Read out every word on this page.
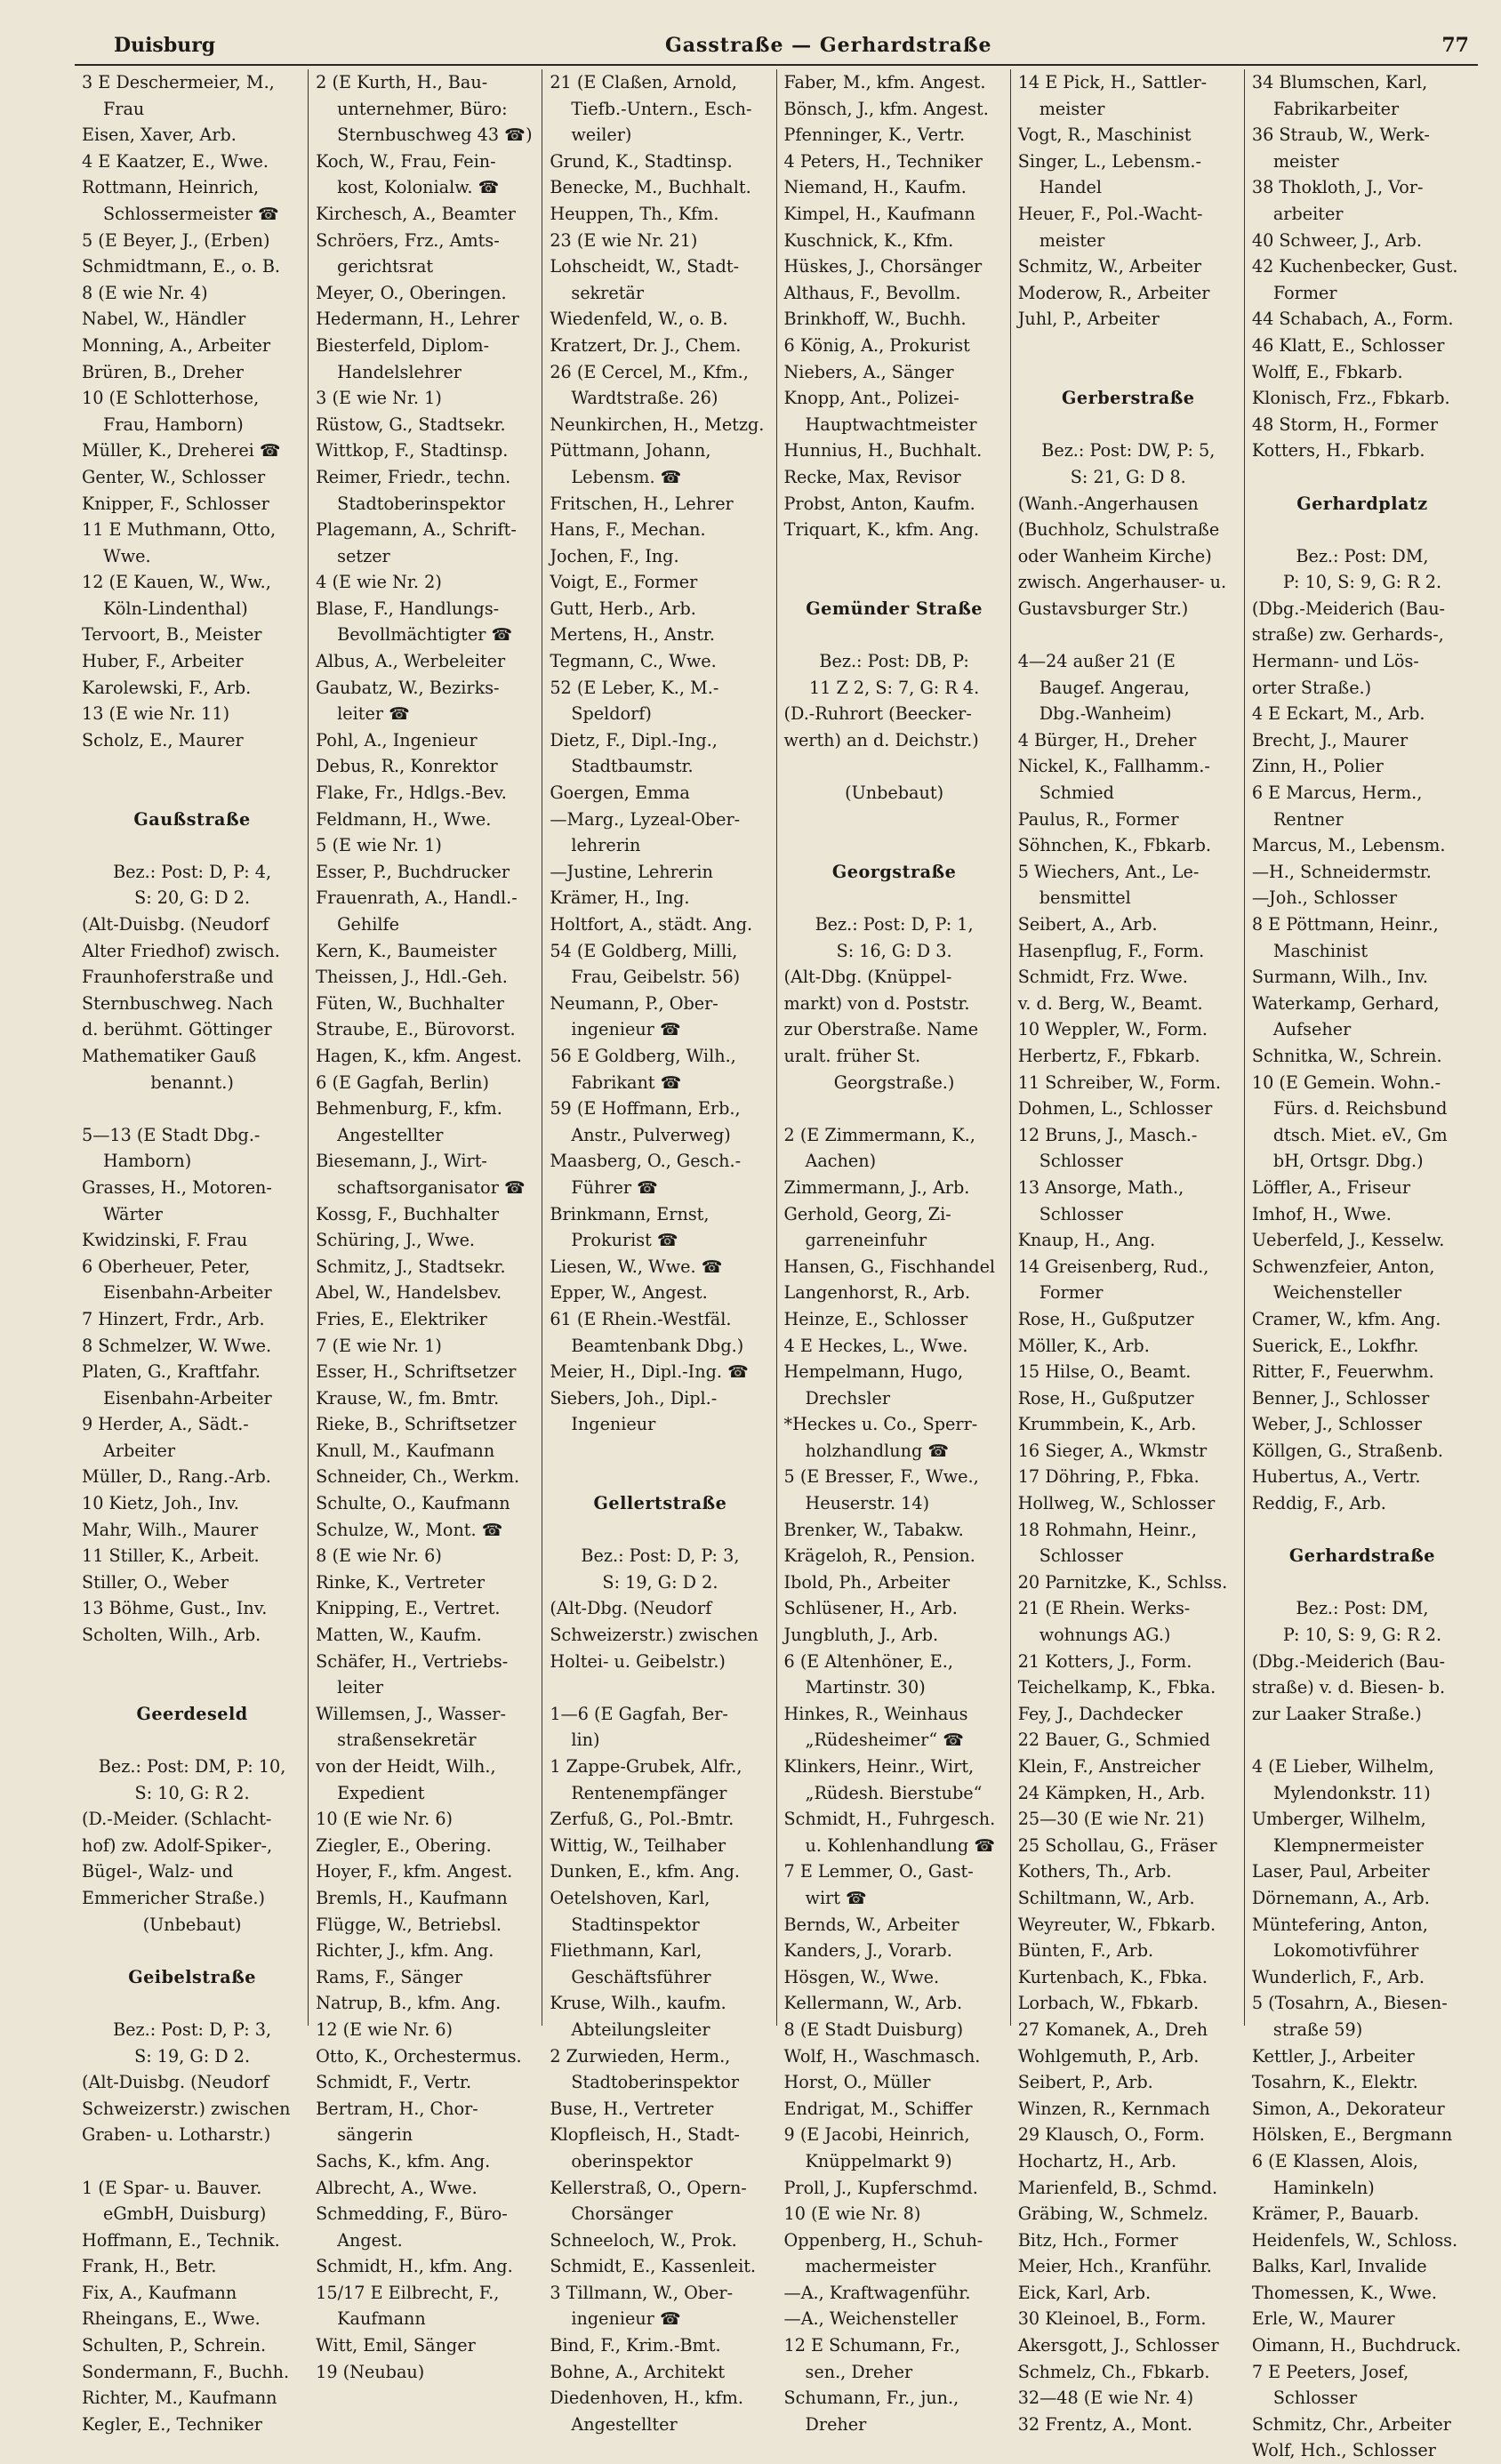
Duisburg	Gasstraße — Gerhardstraße	77
3 E Deschermeier, M.,
Frau
Eisen, Xaver, Arb.
4 E Kaatzer, E., Wwe.
Rottmann, Heinrich,
Schlossermeister ☎
5 (E Beyer, J., (Erben)
Schmidtmann, E., o. B.
8 (E wie Nr. 4)
Nabel, W., Händler
Monning, A., Arbeiter
Brüren, B., Dreher
10 (E Schlotterhose,
Frau, Hamborn)
Müller, K., Dreherei ☎
Genter, W., Schlosser
Knipper, F., Schlosser
11 E Muthmann, Otto,
Wwe.
12 (E Kauen, W., Ww.,
Köln-Lindenthal)
Tervoort, B., Meister
Huber, F., Arbeiter
Karolewski, F., Arb.
13 (E wie Nr. 11)
Scholz, E., Maurer
Gaußstraße
Bez.: Post: D, P: 4,
S: 20, G: D 2.
(Alt-Duisbg. (Neudorf
Alter Friedhof) zwisch.
Fraunhoferstraße und
Sternbuschweg. Nach
d. berühmt. Göttinger
Mathematiker Gauß
benannt.)
5—13 (E Stadt Dbg.-
Hamborn)
Grasses, H., Motoren-
Wärter
Kwidzinski, F. Frau
6 Oberheuer, Peter,
Eisenbahn-Arbeiter
7 Hinzert, Frdr., Arb.
8 Schmelzer, W. Wwe.
Platen, G., Kraftfahr.
Eisenbahn-Arbeiter
9 Herder, A., Sädt.-
Arbeiter
Müller, D., Rang.-Arb.
10 Kietz, Joh., Inv.
Mahr, Wilh., Maurer
11 Stiller, K., Arbeit.
Stiller, O., Weber
13 Böhme, Gust., Inv.
Scholten, Wilh., Arb.
Geerdeseld
Bez.: Post: DM, P: 10,
S: 10, G: R 2.
(D.-Meider. (Schlacht-
hof) zw. Adolf-Spiker-,
Bügel-, Walz- und
Emmericher Straße.)
(Unbebaut)
Geibelstraße
Bez.: Post: D, P: 3,
S: 19, G: D 2.
(Alt-Duisbg. (Neudorf
Schweizerstr.) zwischen
Graben- u. Lotharstr.)
1 (E Spar- u. Bauver.
eGmbH, Duisburg)
Hoffmann, E., Technik.
Frank, H., Betr.
Fix, A., Kaufmann
Rheingans, E., Wwe.
Schulten, P., Schrein.
Sondermann, F., Buchh.
Richter, M., Kaufmann
Kegler, E., Techniker
2 (E Kurth, H., Bau-
unternehmer, Büro:
Sternbuschweg 43 ☎)
Koch, W., Frau, Fein-
kost, Kolonialw. ☎
Kirchesch, A., Beamter
Schröers, Frz., Amts-
gerichtsrat
Meyer, O., Oberingen.
Hedermann, H., Lehrer
Biesterfeld, Diplom-
Handelslehrer
3 (E wie Nr. 1)
Rüstow, G., Stadtsekr.
Wittkop, F., Stadtinsp.
Reimer, Friedr., techn.
Stadtoberinspektor
Plagemann, A., Schrift-
setzer
4 (E wie Nr. 2)
Blase, F., Handlungs-
Bevollmächtigter ☎
Albus, A., Werbeleiter
Gaubatz, W., Bezirks-
leiter ☎
Pohl, A., Ingenieur
Debus, R., Konrektor
Flake, Fr., Hdlgs.-Bev.
Feldmann, H., Wwe.
5 (E wie Nr. 1)
Esser, P., Buchdrucker
Frauenrath, A., Handl.-
Gehilfe
Kern, K., Baumeister
Theissen, J., Hdl.-Geh.
Füten, W., Buchhalter
Straube, E., Bürovorst.
Hagen, K., kfm. Angest.
6 (E Gagfah, Berlin)
Behmenburg, F., kfm.
Angestellter
Biesemann, J., Wirt-
schaftsorganisator ☎
Kossg, F., Buchhalter
Schüring, J., Wwe.
Schmitz, J., Stadtsekr.
Abel, W., Handelsbev.
Fries, E., Elektriker
7 (E wie Nr. 1)
Esser, H., Schriftsetzer
Krause, W., fm. Bmtr.
Rieke, B., Schriftsetzer
Knull, M., Kaufmann
Schneider, Ch., Werkm.
Schulte, O., Kaufmann
Schulze, W., Mont. ☎
8 (E wie Nr. 6)
Rinke, K., Vertreter
Knipping, E., Vertret.
Matten, W., Kaufm.
Schäfer, H., Vertriebs-
leiter
Willemsen, J., Wasser-
straßensekretär
von der Heidt, Wilh.,
Expedient
10 (E wie Nr. 6)
Ziegler, E., Obering.
Hoyer, F., kfm. Angest.
Bremls, H., Kaufmann
Flügge, W., Betriebsl.
Richter, J., kfm. Ang.
Rams, F., Sänger
Natrup, B., kfm. Ang.
12 (E wie Nr. 6)
Otto, K., Orchestermus.
Schmidt, F., Vertr.
Bertram, H., Chor-
sängerin
Sachs, K., kfm. Ang.
Albrecht, A., Wwe.
Schmedding, F., Büro-
Angest.
Schmidt, H., kfm. Ang.
15/17 E Eilbrecht, F.,
Kaufmann
Witt, Emil, Sänger
19 (Neubau)
21 (E Claßen, Arnold,
Tiefb.-Untern., Esch-
weiler)
Grund, K., Stadtinsp.
Benecke, M., Buchhalt.
Heuppen, Th., Kfm.
23 (E wie Nr. 21)
Lohscheidt, W., Stadt-
sekretär
Wiedenfeld, W., o. B.
Kratzert, Dr. J., Chem.
26 (E Cercel, M., Kfm.,
Wardtstraße. 26)
Neunkirchen, H., Metzg.
Püttmann, Johann,
Lebensm. ☎
Fritschen, H., Lehrer
Hans, F., Mechan.
Jochen, F., Ing.
Voigt, E., Former
Gutt, Herb., Arb.
Mertens, H., Anstr.
Tegmann, C., Wwe.
52 (E Leber, K., M.-
Speldorf)
Dietz, F., Dipl.-Ing.,
Stadtbaumstr.
Goergen, Emma
—Marg., Lyzeal-Ober-
lehrerin
—Justine, Lehrerin
Krämer, H., Ing.
Holtfort, A., städt. Ang.
54 (E Goldberg, Milli,
Frau, Geibelstr. 56)
Neumann, P., Ober-
ingenieur ☎
56 E Goldberg, Wilh.,
Fabrikant ☎
59 (E Hoffmann, Erb.,
Anstr., Pulverweg)
Maasberg, O., Gesch.-
Führer ☎
Brinkmann, Ernst,
Prokurist ☎
Liesen, W., Wwe. ☎
Epper, W., Angest.
61 (E Rhein.-Westfäl.
Beamtenbank Dbg.)
Meier, H., Dipl.-Ing. ☎
Siebers, Joh., Dipl.-
Ingenieur
Gellertstraße
Bez.: Post: D, P: 3,
S: 19, G: D 2.
(Alt-Dbg. (Neudorf
Schweizerstr.) zwischen
Holtei- u. Geibelstr.)
1—6 (E Gagfah, Ber-
lin)
1 Zappe-Grubek, Alfr.,
Rentenempfänger
Zerfuß, G., Pol.-Bmtr.
Wittig, W., Teilhaber
Dunken, E., kfm. Ang.
Oetelshoven, Karl,
Stadtinspektor
Fliethmann, Karl,
Geschäftsführer
Kruse, Wilh., kaufm.
Abteilungsleiter
2 Zurwieden, Herm.,
Stadtoberinspektor
Buse, H., Vertreter
Klopfleisch, H., Stadt-
oberinspektor
Kellerstraß, O., Opern-
Chorsänger
Schneeloch, W., Prok.
Schmidt, E., Kassenleit.
3 Tillmann, W., Ober-
ingenieur ☎
Bind, F., Krim.-Bmt.
Bohne, A., Architekt
Diedenhoven, H., kfm.
Angestellter
Faber, M., kfm. Angest.
Bönsch, J., kfm. Angest.
Pfenninger, K., Vertr.
4 Peters, H., Techniker
Niemand, H., Kaufm.
Kimpel, H., Kaufmann
Kuschnick, K., Kfm.
Hüskes, J., Chorsänger
Althaus, F., Bevollm.
Brinkhoff, W., Buchh.
6 König, A., Prokurist
Niebers, A., Sänger
Knopp, Ant., Polizei-
Hauptwachtmeister
Hunnius, H., Buchhalt.
Recke, Max, Revisor
Probst, Anton, Kaufm.
Triquart, K., kfm. Ang.
Gemünder Straße
Bez.: Post: DB, P:
11 Z 2, S: 7, G: R 4.
(D.-Ruhrort (Beecker-
werth) an d. Deichstr.)
(Unbebaut)
Georgstraße
Bez.: Post: D, P: 1,
S: 16, G: D 3.
(Alt-Dbg. (Knüppel-
markt) von d. Poststr.
zur Oberstraße. Name
uralt. früher St.
Georgstraße.)
2 (E Zimmermann, K.,
Aachen)
Zimmermann, J., Arb.
Gerhold, Georg, Zi-
garreneinfuhr
Hansen, G., Fischhandel
Langenhorst, R., Arb.
Heinze, E., Schlosser
4 E Heckes, L., Wwe.
Hempelmann, Hugo,
Drechsler
*Heckes u. Co., Sperr-
holzhandlung ☎
5 (E Bresser, F., Wwe.,
Heuserstr. 14)
Brenker, W., Tabakw.
Krägeloh, R., Pension.
Ibold, Ph., Arbeiter
Schlüsener, H., Arb.
Jungbluth, J., Arb.
6 (E Altenhöner, E.,
Martinstr. 30)
Hinkes, R., Weinhaus
„Rüdesheimer“ ☎
Klinkers, Heinr., Wirt,
„Rüdesh. Bierstube“
Schmidt, H., Fuhrgesch.
u. Kohlenhandlung ☎
7 E Lemmer, O., Gast-
wirt ☎
Bernds, W., Arbeiter
Kanders, J., Vorarb.
Hösgen, W., Wwe.
Kellermann, W., Arb.
8 (E Stadt Duisburg)
Wolf, H., Waschmasch.
Horst, O., Müller
Endrigat, M., Schiffer
9 (E Jacobi, Heinrich,
Knüppelmarkt 9)
Proll, J., Kupferschmd.
10 (E wie Nr. 8)
Oppenberg, H., Schuh-
machermeister
—A., Kraftwagenführ.
—A., Weichensteller
12 E Schumann, Fr.,
sen., Dreher
Schumann, Fr., jun.,
Dreher
14 E Pick, H., Sattler-
meister
Vogt, R., Maschinist
Singer, L., Lebensm.-
Handel
Heuer, F., Pol.-Wacht-
meister
Schmitz, W., Arbeiter
Moderow, R., Arbeiter
Juhl, P., Arbeiter
Gerberstraße
Bez.: Post: DW, P: 5,
S: 21, G: D 8.
(Wanh.-Angerhausen
(Buchholz, Schulstraße
oder Wanheim Kirche)
zwisch. Angerhauser- u.
Gustavsburger Str.)
4—24 außer 21 (E
Baugef. Angerau,
Dbg.-Wanheim)
4 Bürger, H., Dreher
Nickel, K., Fallhamm.-
Schmied
Paulus, R., Former
Söhnchen, K., Fbkarb.
5 Wiechers, Ant., Le-
bensmittel
Seibert, A., Arb.
Hasenpflug, F., Form.
Schmidt, Frz. Wwe.
v. d. Berg, W., Beamt.
10 Weppler, W., Form.
Herbertz, F., Fbkarb.
11 Schreiber, W., Form.
Dohmen, L., Schlosser
12 Bruns, J., Masch.-
Schlosser
13 Ansorge, Math.,
Schlosser
Knaup, H., Ang.
14 Greisenberg, Rud.,
Former
Rose, H., Gußputzer
Möller, K., Arb.
15 Hilse, O., Beamt.
Rose, H., Gußputzer
Krummbein, K., Arb.
16 Sieger, A., Wkmstr
17 Döhring, P., Fbka.
Hollweg, W., Schlosser
18 Rohmahn, Heinr.,
Schlosser
20 Parnitzke, K., Schlss.
21 (E Rhein. Werks-
wohnungs AG.)
21 Kotters, J., Form.
Teichelkamp, K., Fbka.
Fey, J., Dachdecker
22 Bauer, G., Schmied
Klein, F., Anstreicher
24 Kämpken, H., Arb.
25—30 (E wie Nr. 21)
25 Schollau, G., Fräser
Kothers, Th., Arb.
Schiltmann, W., Arb.
Weyreuter, W., Fbkarb.
Bünten, F., Arb.
Kurtenbach, K., Fbka.
Lorbach, W., Fbkarb.
27 Komanek, A., Dreh
Wohlgemuth, P., Arb.
Seibert, P., Arb.
Winzen, R., Kernmach
29 Klausch, O., Form.
Hochartz, H., Arb.
Marienfeld, B., Schmd.
Gräbing, W., Schmelz.
Bitz, Hch., Former
Meier, Hch., Kranführ.
Eick, Karl, Arb.
30 Kleinoel, B., Form.
Akersgott, J., Schlosser
Schmelz, Ch., Fbkarb.
32—48 (E wie Nr. 4)
32 Frentz, A., Mont.
34 Blumschen, Karl,
Fabrikarbeiter
36 Straub, W., Werk-
meister
38 Thokloth, J., Vor-
arbeiter
40 Schweer, J., Arb.
42 Kuchenbecker, Gust.
Former
44 Schabach, A., Form.
46 Klatt, E., Schlosser
Wolff, E., Fbkarb.
Klonisch, Frz., Fbkarb.
48 Storm, H., Former
Kotters, H., Fbkarb.
Gerhardplatz
Bez.: Post: DM,
P: 10, S: 9, G: R 2.
(Dbg.-Meiderich (Bau-
straße) zw. Gerhards-,
Hermann- und Lös-
orter Straße.)
4 E Eckart, M., Arb.
Brecht, J., Maurer
Zinn, H., Polier
6 E Marcus, Herm.,
Rentner
Marcus, M., Lebensm.
—H., Schneidermstr.
—Joh., Schlosser
8 E Pöttmann, Heinr.,
Maschinist
Surmann, Wilh., Inv.
Waterkamp, Gerhard,
Aufseher
Schnitka, W., Schrein.
10 (E Gemein. Wohn.-
Fürs. d. Reichsbund
dtsch. Miet. eV., Gm
bH, Ortsgr. Dbg.)
Löffler, A., Friseur
Imhof, H., Wwe.
Ueberfeld, J., Kesselw.
Schwenzfeier, Anton,
Weichensteller
Cramer, W., kfm. Ang.
Suerick, E., Lokfhr.
Ritter, F., Feuerwhm.
Benner, J., Schlosser
Weber, J., Schlosser
Köllgen, G., Straßenb.
Hubertus, A., Vertr.
Reddig, F., Arb.
Gerhardstraße
Bez.: Post: DM,
P: 10, S: 9, G: R 2.
(Dbg.-Meiderich (Bau-
straße) v. d. Biesen- b.
zur Laaker Straße.)
4 (E Lieber, Wilhelm,
Mylendonkstr. 11)
Umberger, Wilhelm,
Klempnermeister
Laser, Paul, Arbeiter
Dörnemann, A., Arb.
Müntefering, Anton,
Lokomotivführer
Wunderlich, F., Arb.
5 (Tosahrn, A., Biesen-
straße 59)
Kettler, J., Arbeiter
Tosahrn, K., Elektr.
Simon, A., Dekorateur
Hölsken, E., Bergmann
6 (E Klassen, Alois,
Haminkeln)
Krämer, P., Bauarb.
Heidenfels, W., Schloss.
Balks, Karl, Invalide
Thomessen, K., Wwe.
Erle, W., Maurer
Oimann, H., Buchdruck.
7 E Peeters, Josef,
Schlosser
Schmitz, Chr., Arbeiter
Wolf, Hch., Schlosser
